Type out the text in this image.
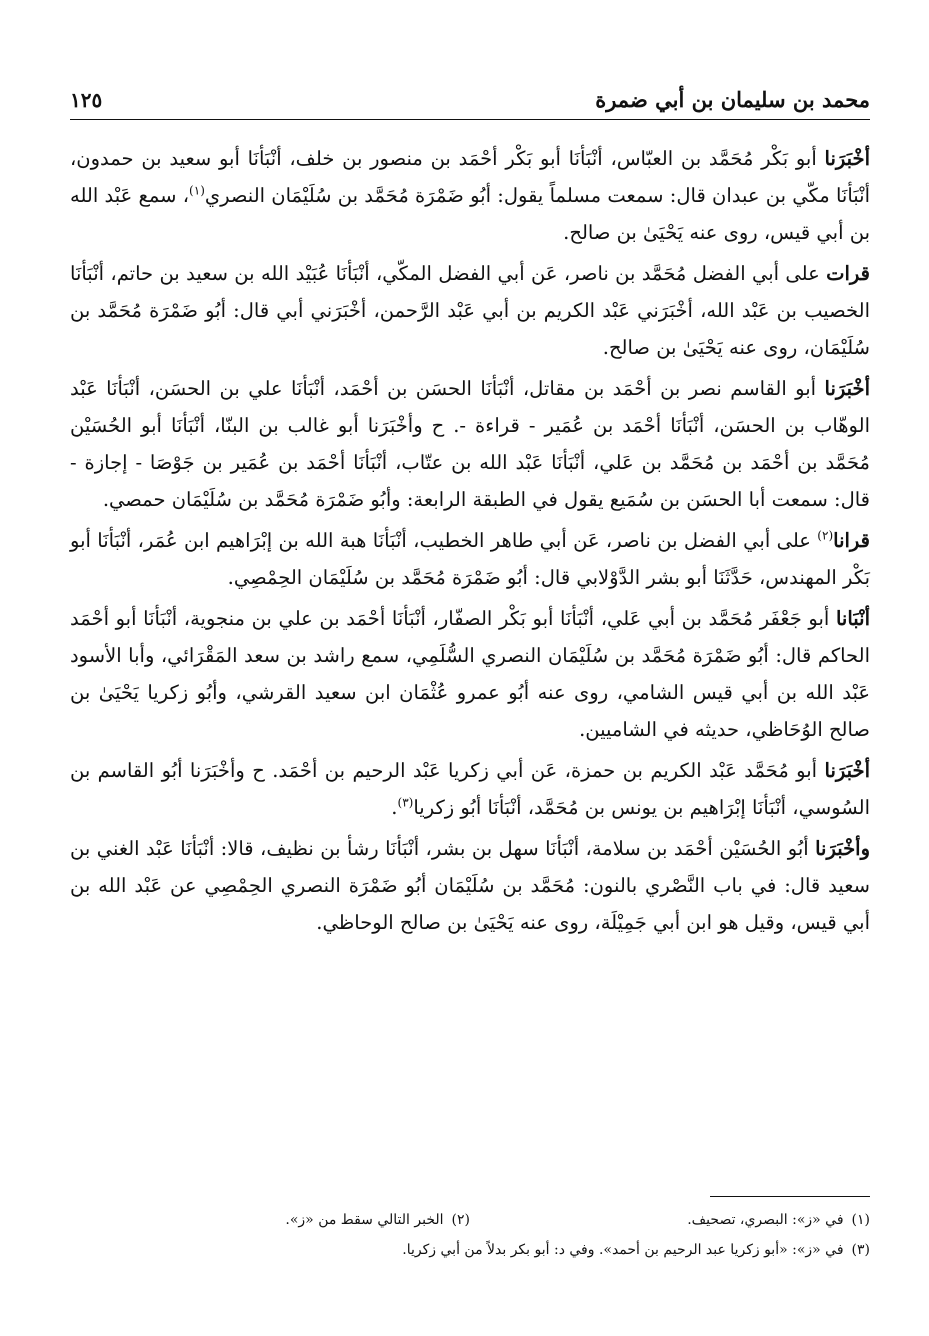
محمد بن سليمان بن أبي ضمرة
١٢٥

أخْبَرَنا أبو بَكْر مُحَمَّد بن العبّاس، أنْبَأنَا أبو بَكْر أحْمَد بن منصور بن خلف، أنْبَأنَا أبو سعيد بن حمدون، أنْبَأنَا مكّي بن عبدان قال: سمعت مسلماً يقول: أبُو ضَمْرَة مُحَمَّد بن سُلَيْمَان النصري$^{(١)}$، سمع عَبْد الله بن أبي قيس، روى عنه يَحْيَىٰ بن صالح.

قرات على أبي الفضل مُحَمَّد بن ناصر، عَن أبي الفضل المكّي، أنْبَأنَا عُبَيْد الله بن سعيد بن حاتم، أنْبَأنَا الخصيب بن عَبْد الله، أخْبَرَني عَبْد الكريم بن أبي عَبْد الرَّحمن، أخْبَرَني أبي قال: أبُو ضَمْرَة مُحَمَّد بن سُلَيْمَان، روى عنه يَحْيَىٰ بن صالح.

أخْبَرَنا أبو القاسم نصر بن أحْمَد بن مقاتل، أنْبَأنَا الحسَن بن أحْمَد، أنْبَأنَا علي بن الحسَن، أنْبَأنَا عَبْد الوهّاب بن الحسَن، أنْبَأنَا أحْمَد بن عُمَير - قراءة -. ح وأخْبَرَنا أبو غالب بن البنّا، أنْبَأنَا أبو الحُسَيْن مُحَمَّد بن أحْمَد بن مُحَمَّد بن عَلي، أنْبَأنَا عَبْد الله بن عتّاب، أنْبَأنَا أحْمَد بن عُمَير بن جَوْصَا - إجازة - قال: سمعت أبا الحسَن بن سُمَيع يقول في الطبقة الرابعة: وأبُو ضَمْرَة مُحَمَّد بن سُلَيْمَان حمصي.

قرانا$^{(٢)}$ على أبي الفضل بن ناصر، عَن أبي طاهر الخطيب، أنْبَأنَا هبة الله بن إبْرَاهيم ابن عُمَر، أنْبَأنَا أبو بَكْر المهندس، حَدَّثَنَا أبو بشر الدَّوْلابي قال: أبُو ضَمْرَة مُحَمَّد بن سُلَيْمَان الحِمْصِي.

أنْبَانا أبو جَعْفَر مُحَمَّد بن أبي عَلي، أنْبَأنَا أبو بَكْر الصفّار، أنْبَأنَا أحْمَد بن علي بن منجوية، أنْبَأنَا أبو أحْمَد الحاكم قال: أبُو ضَمْرَة مُحَمَّد بن سُلَيْمَان النصري السُّلَمِي، سمع راشد بن سعد المَقْرَائي، وأبا الأسود عَبْد الله بن أبي قيس الشامي، روى عنه أبُو عمرو عُثْمَان ابن سعيد القرشي، وأبُو زكريا يَحْيَىٰ بن صالح الوُحَاظي، حديثه في الشاميين.

أخْبَرَنا أبو مُحَمَّد عَبْد الكريم بن حمزة، عَن أبي زكريا عَبْد الرحيم بن أحْمَد. ح وأخْبَرَنا أبُو القاسم بن السُوسي، أنْبَأنَا إبْرَاهيم بن يونس بن مُحَمَّد، أنْبَأنَا أبُو زكريا$^{(٣)}$.

وأخْبَرَنا أبُو الحُسَيْن أحْمَد بن سلامة، أنْبَأنَا سهل بن بشر، أنْبَأنَا رشأ بن نظيف، قالا: أنْبَأنَا عَبْد الغني بن سعيد قال: في باب النَّصْري بالنون: مُحَمَّد بن سُلَيْمَان أبُو ضَمْرَة النصري الحِمْصِي عن عَبْد الله بن أبي قيس، وقيل هو ابن أبي جَمِيْلَة، روى عنه يَحْيَىٰ بن صالح الوحاظي.

(١)في «ز»: البصري، تصحيف.
(٢)الخبر التالي سقط من «ز».
(٣)في «ز»: «أبو زكريا عبد الرحيم بن أحمد». وفي د: أبو بكر بدلاً من أبي زكريا.
